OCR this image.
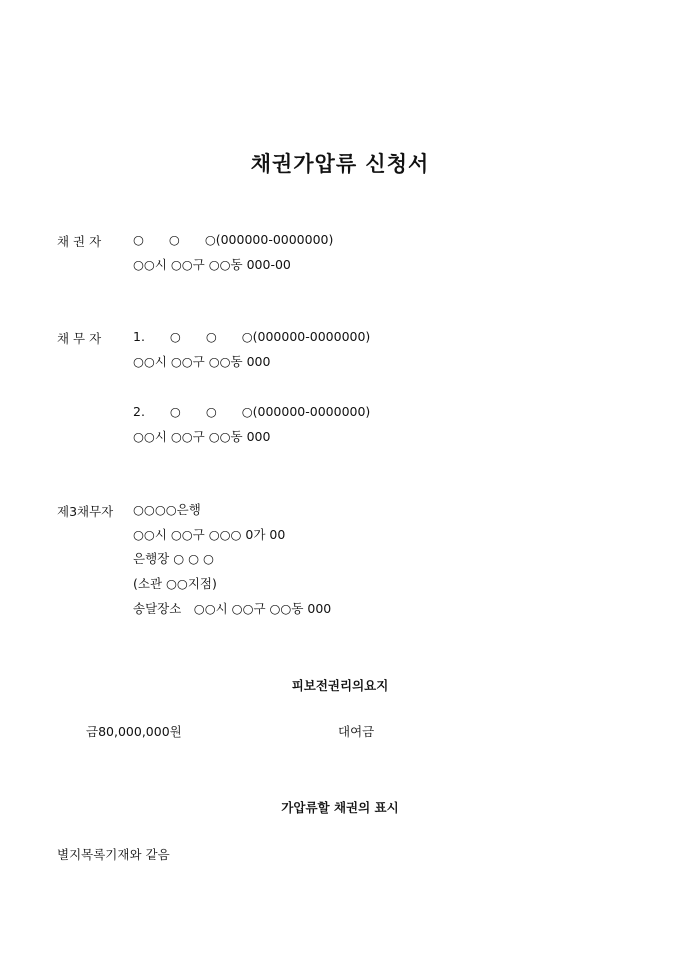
채권가압류 신청서
채 권 자	○　　○　　○(000000-0000000)
○○시 ○○구 ○○동 000-00
채 무 자	1.　　○　　○　　○(000000-0000000)
○○시 ○○구 ○○동 000
2.　　○　　○　　○(000000-0000000)
○○시 ○○구 ○○동 000
제3채무자 ○○○○은행
○○시 ○○구 ○○○ 0가 00
은행장 ○ ○ ○
(소관 ○○지점)
송달장소　○○시 ○○구 ○○동 000
피보전권리의요지
금80,000,000원	대여금
가압류할 채권의 표시
별지목록기재와 같음
